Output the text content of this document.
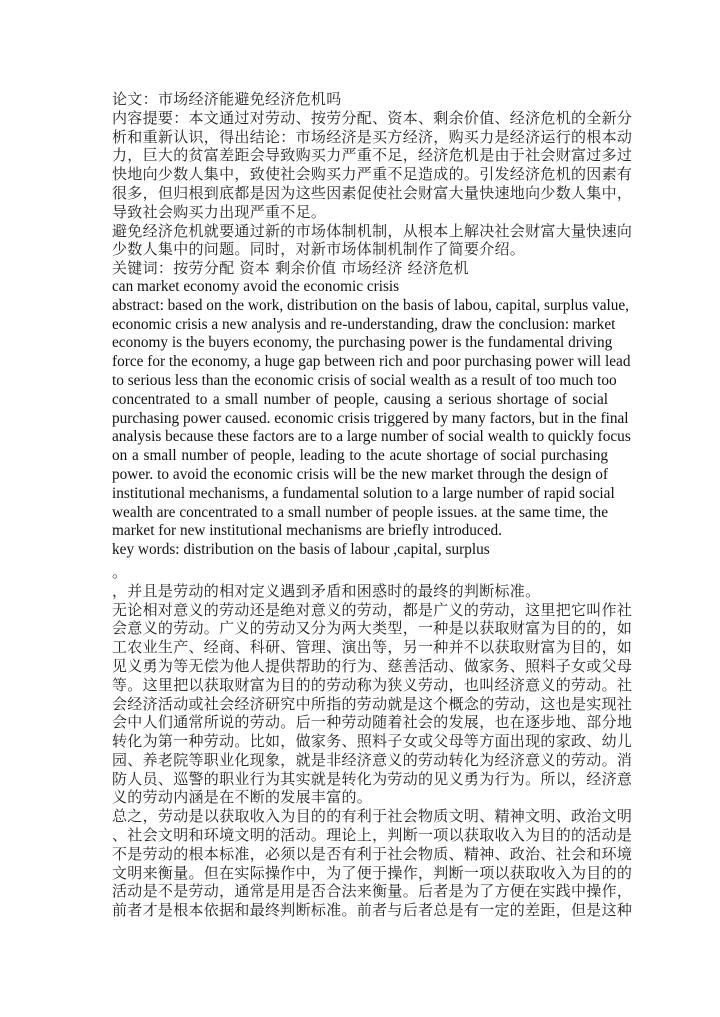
论文：市场经济能避免经济危机吗
内容提要：本文通过对劳动、按劳分配、资本、剩余价值、经济危机的全新分
析和重新认识，得出结论：市场经济是买方经济，购买力是经济运行的根本动
力，巨大的贫富差距会导致购买力严重不足，经济危机是由于社会财富过多过
快地向少数人集中，致使社会购买力严重不足造成的。引发经济危机的因素有
很多，但归根到底都是因为这些因素促使社会财富大量快速地向少数人集中，
导致社会购买力出现严重不足。
避免经济危机就要通过新的市场体制机制，从根本上解决社会财富大量快速向
少数人集中的问题。同时，对新市场体制机制作了简要介绍。
关键词：按劳分配 资本 剩余价值 市场经济 经济危机
can market economy avoid the economic crisis
abstract: based on the work, distribution on the basis of labou, capital, surplus value,
economic crisis a new analysis and re-understanding, draw the conclusion: market
economy is the buyers economy, the purchasing power is the fundamental driving
force for the economy, a huge gap between rich and poor purchasing power will lead
to serious less than the economic crisis of social wealth as a result of too much too
concentrated to a small number of people, causing a serious shortage of social
purchasing power caused. economic crisis triggered by many factors, but in the final
analysis because these factors are to a large number of social wealth to quickly focus
on a small number of people, leading to the acute shortage of social purchasing
power. to avoid the economic crisis will be the new market through the design of
institutional mechanisms, a fundamental solution to a large number of rapid social
wealth are concentrated to a small number of people issues. at the same time, the
market for new institutional mechanisms are briefly introduced.
key words: distribution on the basis of labour ,capital, surplus
。
，并且是劳动的相对定义遇到矛盾和困惑时的最终的判断标准。
无论相对意义的劳动还是绝对意义的劳动，都是广义的劳动，这里把它叫作社
会意义的劳动。广义的劳动又分为两大类型，一种是以获取财富为目的的，如
工农业生产、经商、科研、管理、演出等，另一种并不以获取财富为目的，如
见义勇为等无偿为他人提供帮助的行为、慈善活动、做家务、照料子女或父母
等。这里把以获取财富为目的的劳动称为狭义劳动，也叫经济意义的劳动。社
会经济活动或社会经济研究中所指的劳动就是这个概念的劳动，这也是实现社
会中人们通常所说的劳动。后一种劳动随着社会的发展，也在逐步地、部分地
转化为第一种劳动。比如，做家务、照料子女或父母等方面出现的家政、幼儿
园、养老院等职业化现象，就是非经济意义的劳动转化为经济意义的劳动。消
防人员、巡警的职业行为其实就是转化为劳动的见义勇为行为。所以，经济意
义的劳动内涵是在不断的发展丰富的。
总之，劳动是以获取收入为目的的有利于社会物质文明、精神文明、政治文明
、社会文明和环境文明的活动。理论上，判断一项以获取收入为目的的活动是
不是劳动的根本标准，必须以是否有利于社会物质、精神、政治、社会和环境
文明来衡量。但在实际操作中，为了便于操作，判断一项以获取收入为目的的
活动是不是劳动，通常是用是否合法来衡量。后者是为了方便在实践中操作，
前者才是根本依据和最终判断标准。前者与后者总是有一定的差距，但是这种
